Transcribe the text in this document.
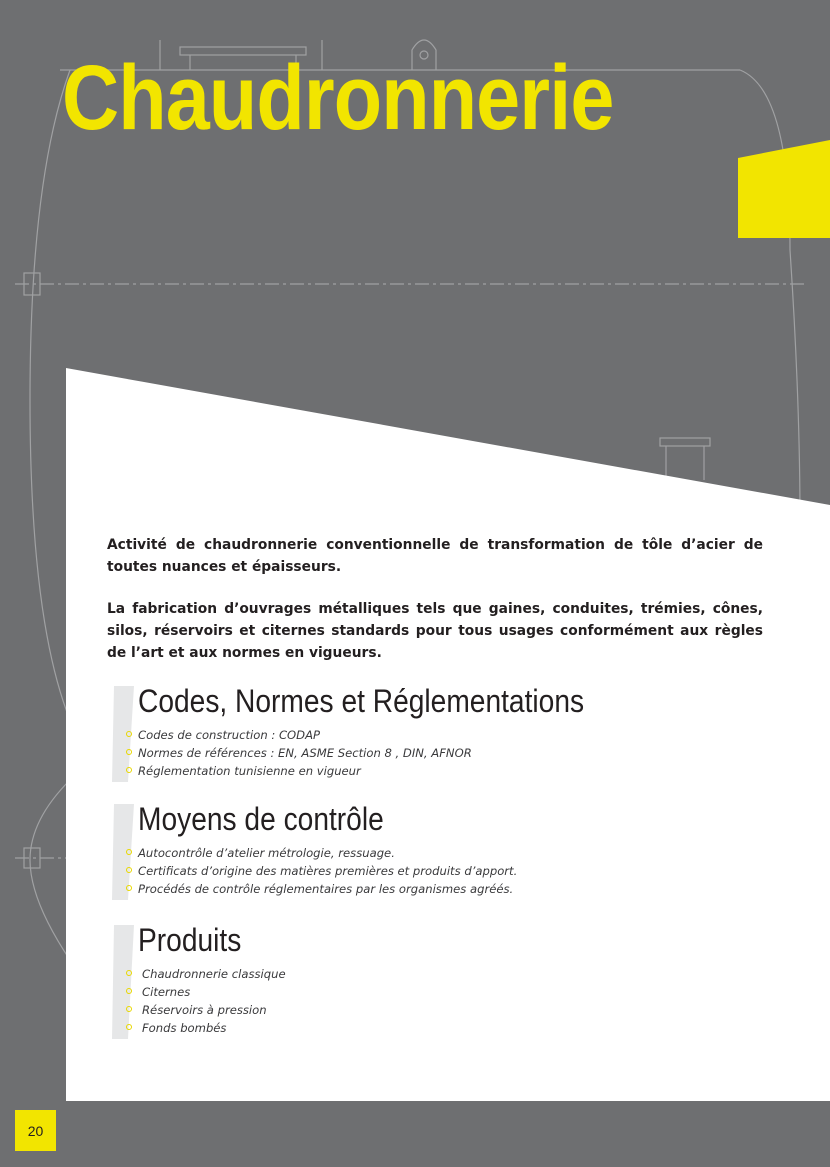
Chaudronnerie

Activité de chaudronnerie conventionnelle de transformation de tôle d’acier de toutes nuances et épaisseurs.

La fabrication d’ouvrages métalliques tels que gaines, conduites, trémies, cônes, silos, réservoirs et citernes standards pour tous usages conformément aux règles de l’art et aux normes en vigueurs.

Codes, Normes et Réglementations
Codes de construction : CODAP
Normes de références : EN, ASME Section 8 , DIN, AFNOR
Réglementation tunisienne en vigueur
Moyens de contrôle
Autocontrôle d’atelier métrologie, ressuage.
Certificats d’origine des matières premières et produits d’apport.
Procédés de contrôle réglementaires par les organismes agréés.
Produits
Chaudronnerie classique
Citernes
Réservoirs à pression
Fonds bombés
20
